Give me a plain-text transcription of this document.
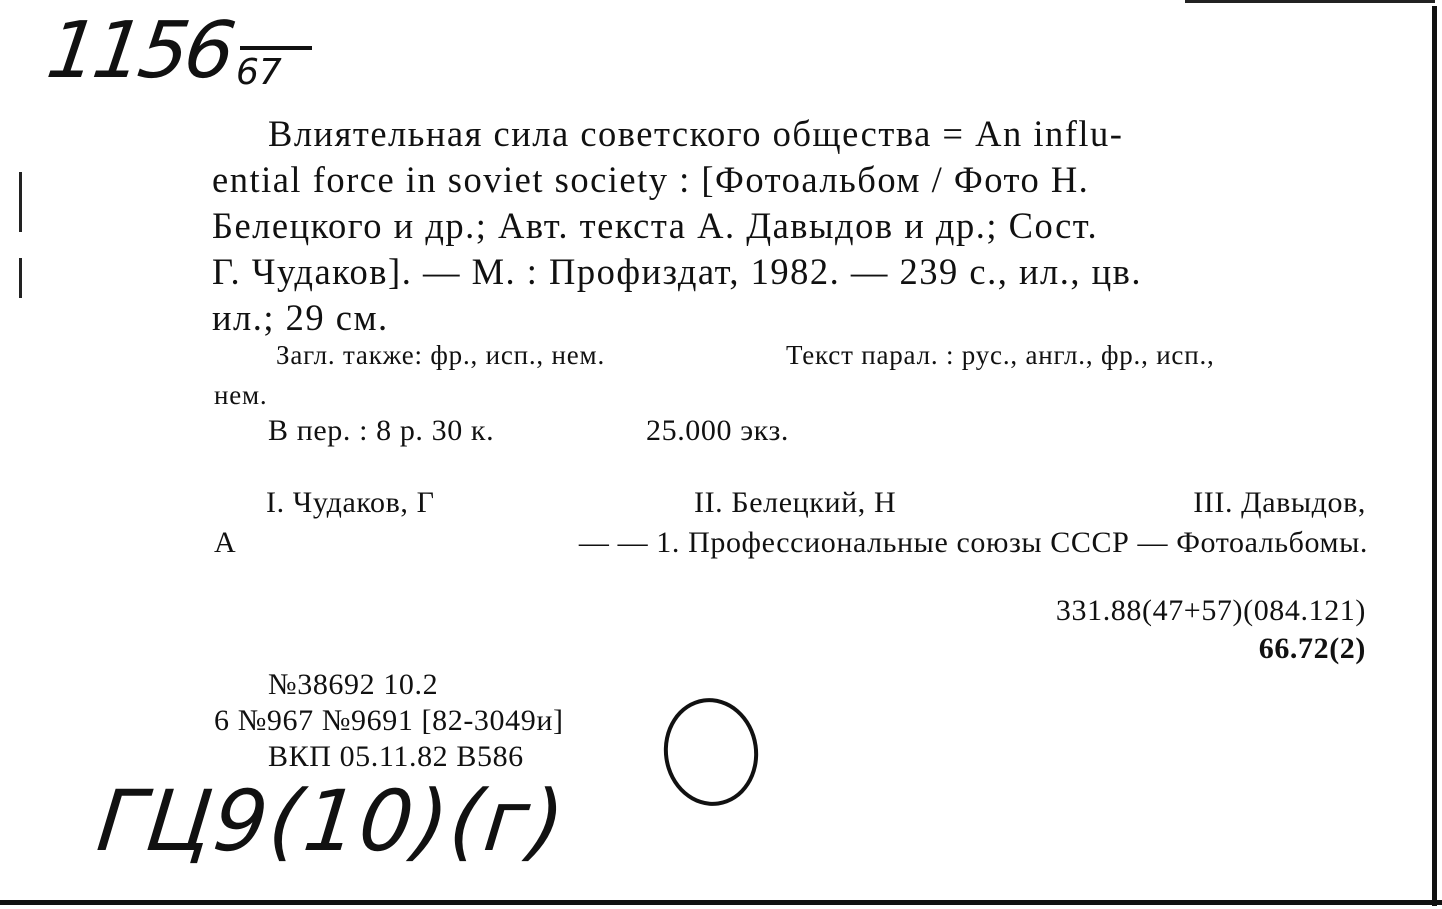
1156 67
Влиятельная сила советского общества = An influ-
ential force in soviet society : [Фотоальбом / Фото Н.
Белецкого и др.; Авт. текста А. Давыдов и др.; Сост.
Г. Чудаков]. — М. : Профиздат, 1982. — 239 с., ил., цв.
ил.; 29 см.
Загл. также: фр., исп., нем.	Текст парал. : рус., англ., фр., исп.,
нем.
В пер. : 8 р. 30 к.	25.000 экз.
I. Чудаков, Г	II. Белецкий, Н	III. Давыдов,
А	— — 1. Профессиональные союзы СССР — Фотоальбомы.
331.88(47+57)(084.121)
66.72(2)
№38692 10.2
6 №967 №9691 [82-3049и]
ВКП 05.11.82 В586
ГЦ9(10)(г)
